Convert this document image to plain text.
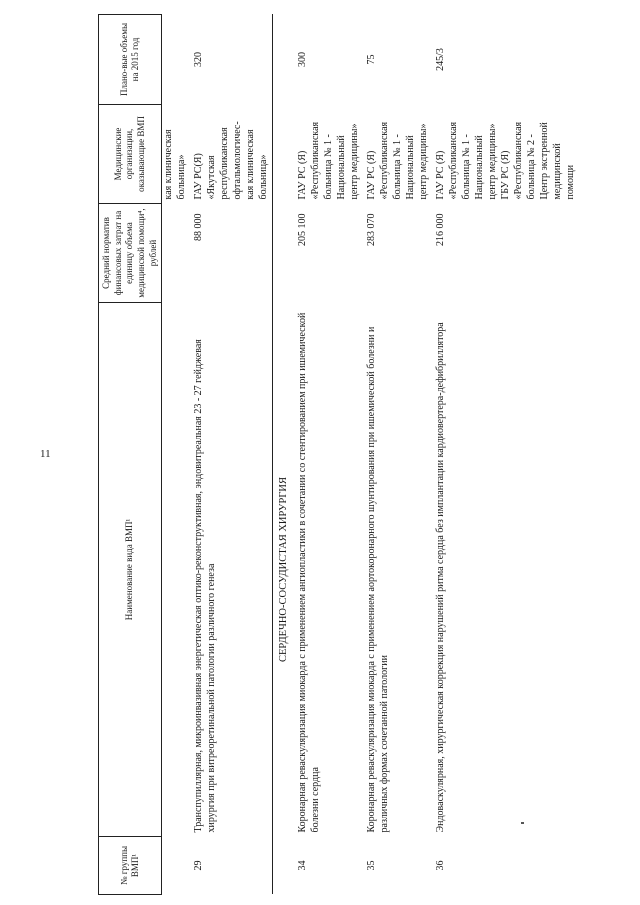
11
№ группы ВМП¹	Наименование вида ВМП¹	Средний норматив финансовых затрат на единицу объема медицинской помощи⁴, рублей	Медицинские организации, оказывающие ВМП	Плано-вые объемы на 2015 год
			кая клиническая больница»	
29	Транспупиллярная, микроинвазивная энергетическая оптико-реконструктивная, эндовитреальная 23 - 27 гейджевая хирургия при витреоретинальной патологии различного генеза	88 000	ГАУ РС(Я) «Якутская республиканская офтальмологичес-кая клиническая больница»	320
	СЕРДЕЧНО-СОСУДИСТАЯ ХИРУРГИЯ			
34	Коронарная реваскуляризация миокарда с применением ангиопластики в сочетании со стентированием при ишемической болезни сердца	205 100	ГАУ РС (Я) «Республиканская больница № 1 - Национальный центр медицины»	300
35	Коронарная реваскуляризация миокарда с применением аортокоронарного шунтирования при ишемической болезни и различных формах сочетанной патологии	283 070	ГАУ РС (Я) «Республиканская больница № 1 - Национальный центр медицины»	75
36	Эндоваскулярная, хирургическая коррекция нарушений ритма сердца без имплантации кардиовертера-дефибриллятора	216 000	ГАУ РС (Я) «Республиканская больница № 1 - Национальный центр медицины» ГБУ РС (Я) «Республиканская больница № 2 - Центр экстренной медицинской помощи	245/3
